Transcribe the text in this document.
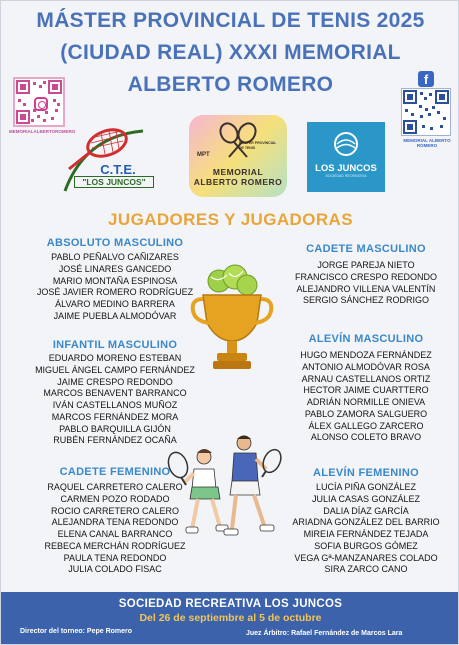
MÁSTER PROVINCIAL DE TENIS 2025
(CIUDAD REAL) XXXI MEMORIAL
ALBERTO ROMERO
MEMORIALALBERTOROMERO
f
MEMORIAL ALBERTO ROMERO
C.T.E.
"LOS JUNCOS"
MPT
MÁSTER PROVINCIAL DE TENIS
MEMORIAL
ALBERTO ROMERO
LOS JUNCOS
SOCIEDAD RECREATIVA
JUGADORES Y JUGADORAS
ABSOLUTO MASCULINO
PABLO PEÑALVO CAÑIZARES
JOSÉ LINARES GANCEDO
MARIO MONTAÑA ESPINOSA
JOSÉ JAVIER ROMERO RODRÍGUEZ
ÁLVARO MEDINO BARRERA
JAIME PUEBLA ALMODÓVAR
INFANTIL MASCULINO
EDUARDO MORENO ESTEBAN
MIGUEL ÁNGEL CAMPO FERNÁNDEZ
JAIME CRESPO REDONDO
MARCOS BENAVENT BARRANCO
IVÁN CASTELLANOS MUÑOZ
MARCOS FERNÁNDEZ MORA
PABLO BARQUILLA GIJÓN
RUBÉN FERNÁNDEZ OCAÑA
CADETE FEMENINO
RAQUEL CARRETERO CALERO
CARMEN POZO RODADO
ROCIO CARRETERO CALERO
ALEJANDRA TENA REDONDO
ELENA CANAL BARRANCO
REBECA MERCHÁN RODRÍGUEZ
PAULA TENA REDONDO
JULIA COLADO FISAC
CADETE MASCULINO
JORGE PAREJA NIETO
FRANCISCO CRESPO REDONDO
ALEJANDRO VILLENA VALENTÍN
SERGIO SÁNCHEZ RODRIGO
ALEVÍN MASCULINO
HUGO MENDOZA FERNÁNDEZ
ANTONIO ALMODÓVAR ROSA
ARNAU CASTELLANOS ORTIZ
HECTOR JAIME CUARTTERO
ADRIÁN NORMILLE ONIEVA
PABLO ZAMORA SALGUERO
ÁLEX GALLEGO ZARCERO
ALONSO COLETO BRAVO
ALEVÍN FEMENINO
LUCÍA PIÑA GONZÁLEZ
JULIA CASAS GONZÁLEZ
DALIA DÍAZ GARCÍA
ARIADNA GONZÁLEZ DEL BARRIO
MIREIA FERNÁNDEZ TEJADA
SOFIA BURGOS GÓMEZ
VEGA Gª-MANZANARES COLADO
SIRA ZARCO CANO
SOCIEDAD RECREATIVA LOS JUNCOS
Del 26 de septiembre al 5 de octubre
Director del torneo: Pepe Romero	Juez Árbitro: Rafael Fernández de Marcos Lara
